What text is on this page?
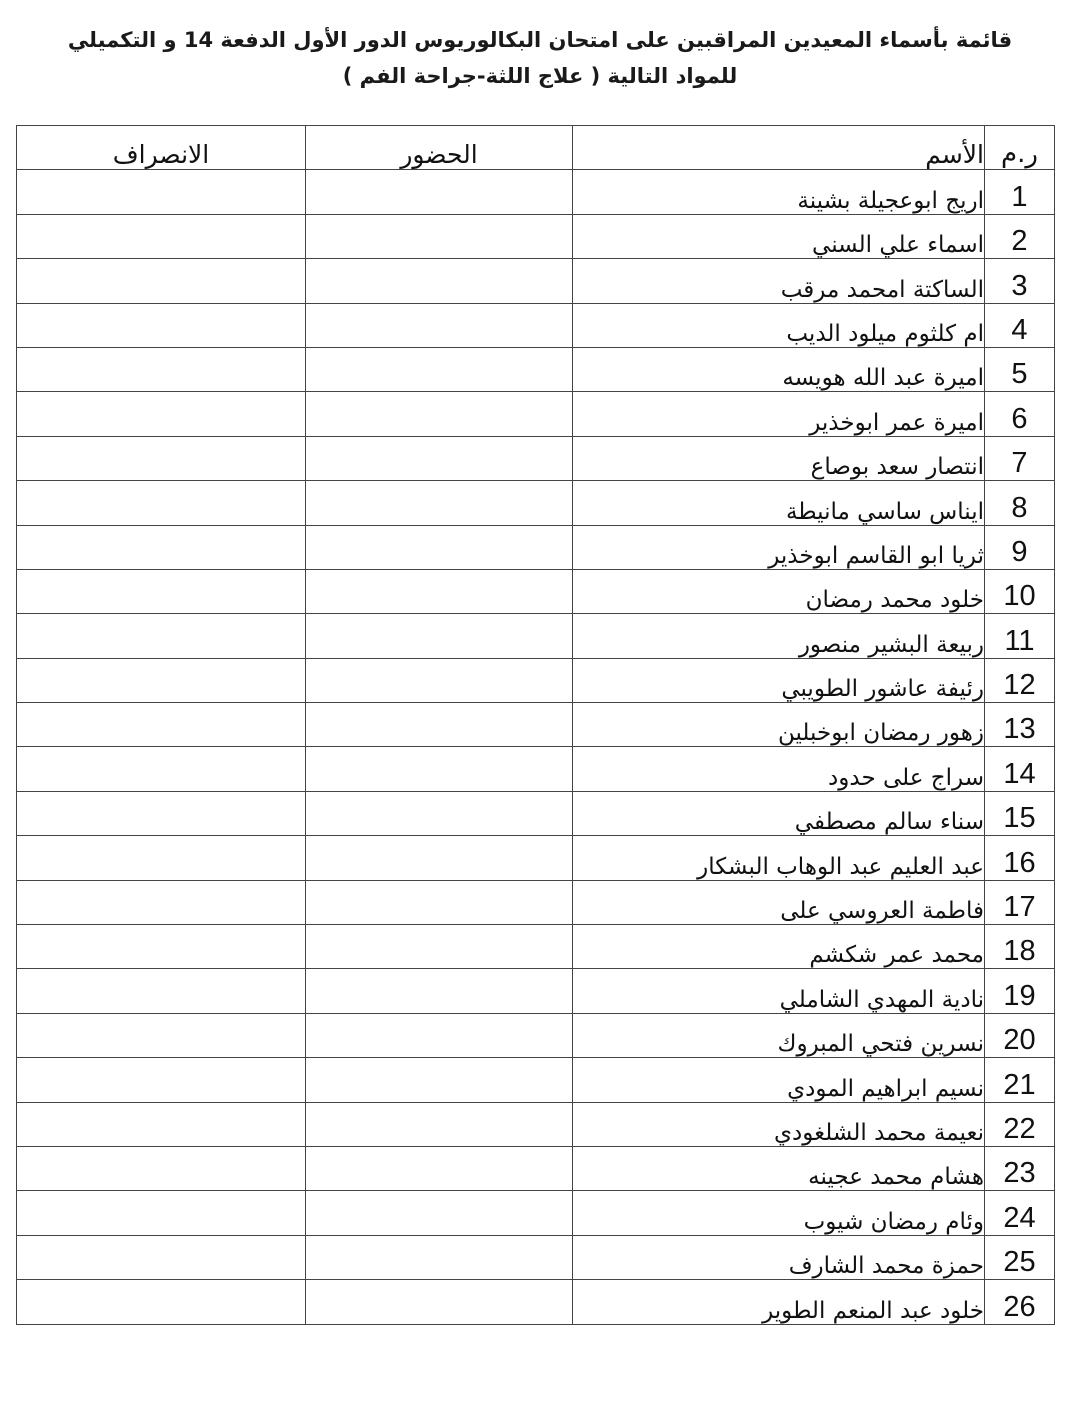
قائمة بأسماء المعيدين المراقبين على امتحان البكالوريوس الدور الأول الدفعة 14 و التكميلي
للمواد التالية ( علاج اللثة-جراحة الفم )
ر.م	الأسم	الحضور	الانصراف
1	اريج ابوعجيلة بشينة		
2	اسماء علي السني		
3	الساكتة امحمد مرقب		
4	ام كلثوم ميلود الديب		
5	اميرة عبد الله هويسه		
6	اميرة عمر ابوخذير		
7	انتصار سعد بوصاع		
8	ايناس ساسي مانيطة		
9	ثريا ابو القاسم ابوخذير		
10	خلود محمد رمضان		
11	ربيعة البشير منصور		
12	رئيفة عاشور الطويبي		
13	زهور رمضان ابوخبلين		
14	سراج على حدود		
15	سناء سالم مصطفي		
16	عبد العليم عبد الوهاب البشكار		
17	فاطمة العروسي على		
18	محمد عمر شكشم		
19	نادية المهدي الشاملي		
20	نسرين فتحي المبروك		
21	نسيم ابراهيم المودي		
22	نعيمة محمد الشلغودي		
23	هشام محمد عجينه		
24	وئام رمضان شيوب		
25	حمزة محمد الشارف		
26	خلود عبد المنعم الطوير		
